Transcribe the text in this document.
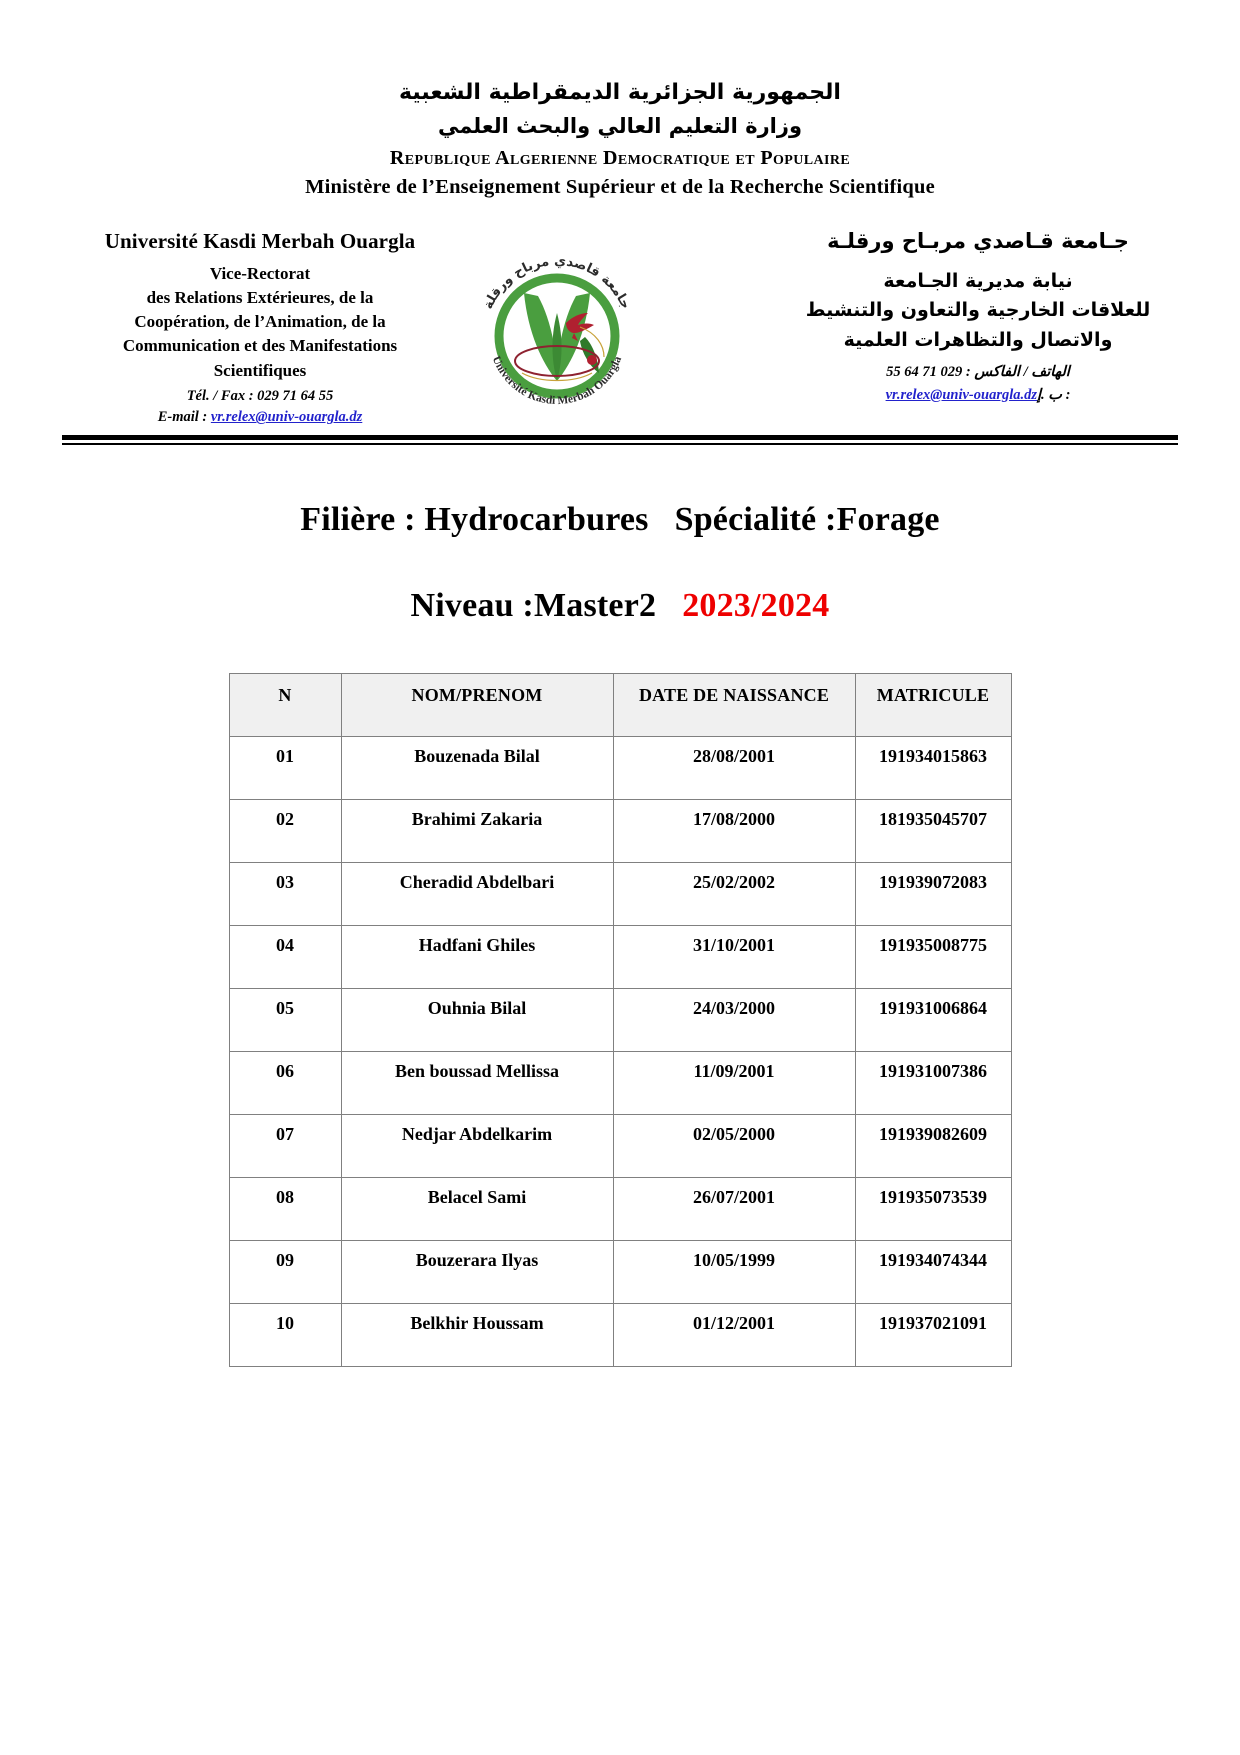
الجمهورية الجزائرية الديمقراطية الشعبية
وزارة التعليم العالي والبحث العلمي
Republique Algerienne Democratique et Populaire
Ministère de l’Enseignement Supérieur et de la Recherche Scientifique
Université Kasdi Merbah Ouargla
Vice-Rectorat
des Relations Extérieures, de la
Coopération, de l’Animation, de la
Communication et des Manifestations
Scientifiques
Tél. / Fax : 029 71 64 55
E-mail : vr.relex@univ-ouargla.dz
جامعة قاصدي مرباح ورقلة
Université Kasdi Merbah Ouargla
جـامعة قـاصدي مربـاح ورقلـة
نيابة مديرية الجـامعة
للعلاقات الخارجية والتعاون والتنشيط
والاتصال والتظاهرات العلمية
الهاتف / الفاكس : 029 71 64 55
: ب .إvr.relex@univ-ouargla.dz
Filière : Hydrocarbures Spécialité :Forage
Niveau :Master2 2023/2024
N	NOM/PRENOM	DATE DE NAISSANCE	MATRICULE
01	Bouzenada Bilal	28/08/2001	191934015863
02	Brahimi Zakaria	17/08/2000	181935045707
03	Cheradid Abdelbari	25/02/2002	191939072083
04	Hadfani Ghiles	31/10/2001	191935008775
05	Ouhnia Bilal	24/03/2000	191931006864
06	Ben boussad Mellissa	11/09/2001	191931007386
07	Nedjar Abdelkarim	02/05/2000	191939082609
08	Belacel Sami	26/07/2001	191935073539
09	Bouzerara Ilyas	10/05/1999	191934074344
10	Belkhir Houssam	01/12/2001	191937021091
